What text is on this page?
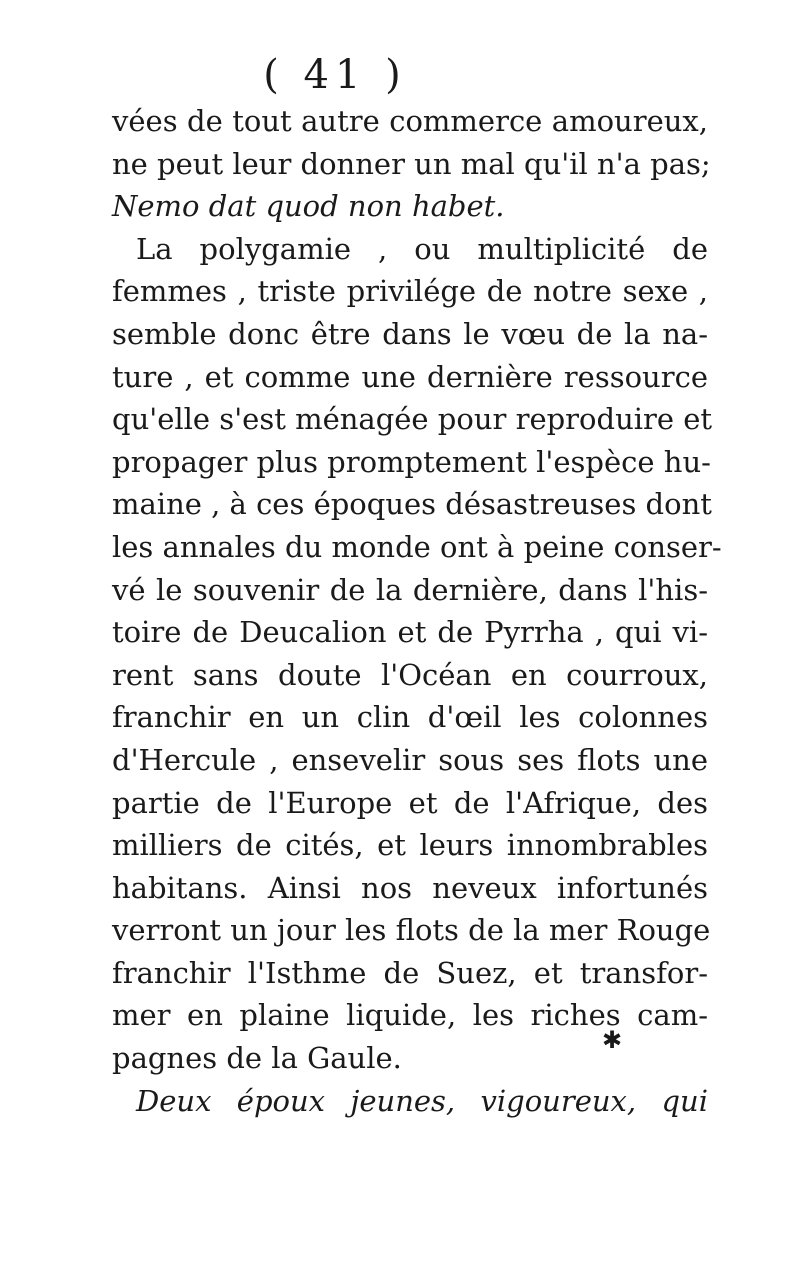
( 41 )
vées de tout autre commerce amoureux,
ne peut leur donner un mal qu'il n'a pas;
Nemo dat quod non habet.
La polygamie , ou multiplicité de
femmes , triste privilége de notre sexe ,
semble donc être dans le vœu de la na-
ture , et comme une dernière ressource
qu'elle s'est ménagée pour reproduire et
propager plus promptement l'espèce hu-
maine , à ces époques désastreuses dont
les annales du monde ont à peine conser-
vé le souvenir de la dernière, dans l'his-
toire de Deucalion et de Pyrrha , qui vi-
rent sans doute l'Océan en courroux,
franchir en un clin d'œil les colonnes
d'Hercule , ensevelir sous ses flots une
partie de l'Europe et de l'Afrique, des
milliers de cités, et leurs innombrables
habitans. Ainsi nos neveux infortunés
verront un jour les flots de la mer Rouge
franchir l'Isthme de Suez, et transfor-
mer en plaine liquide, les riches cam-
pagnes de la Gaule.
Deux époux jeunes, vigoureux, qui
✱
